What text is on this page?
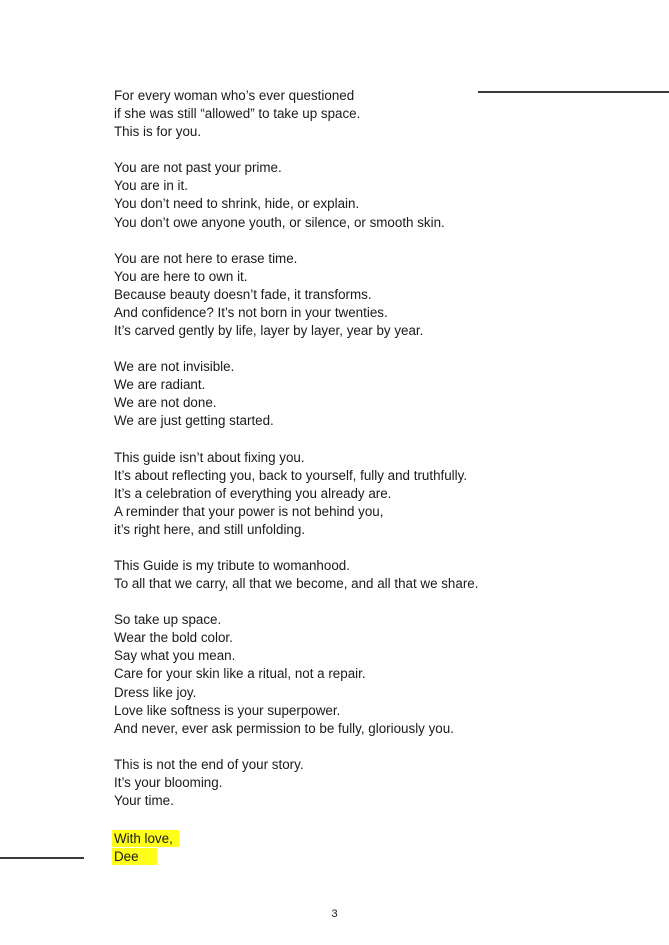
For every woman who’s ever questioned
if she was still “allowed” to take up space.
This is for you.
You are not past your prime.
You are in it.
You don’t need to shrink, hide, or explain.
You don’t owe anyone youth, or silence, or smooth skin.
You are not here to erase time.
You are here to own it.
Because beauty doesn’t fade, it transforms.
And confidence? It’s not born in your twenties.
It’s carved gently by life, layer by layer, year by year.
We are not invisible.
We are radiant.
We are not done.
We are just getting started.
This guide isn’t about fixing you.
It’s about reflecting you, back to yourself, fully and truthfully.
It’s a celebration of everything you already are.
A reminder that your power is not behind you,
it’s right here, and still unfolding.
This Guide is my tribute to womanhood.
To all that we carry, all that we become, and all that we share.
So take up space.
Wear the bold color.
Say what you mean.
Care for your skin like a ritual, not a repair.
Dress like joy.
Love like softness is your superpower.
And never, ever ask permission to be fully, gloriously you.
This is not the end of your story.
It’s your blooming.
Your time.
With love,
Dee
3
